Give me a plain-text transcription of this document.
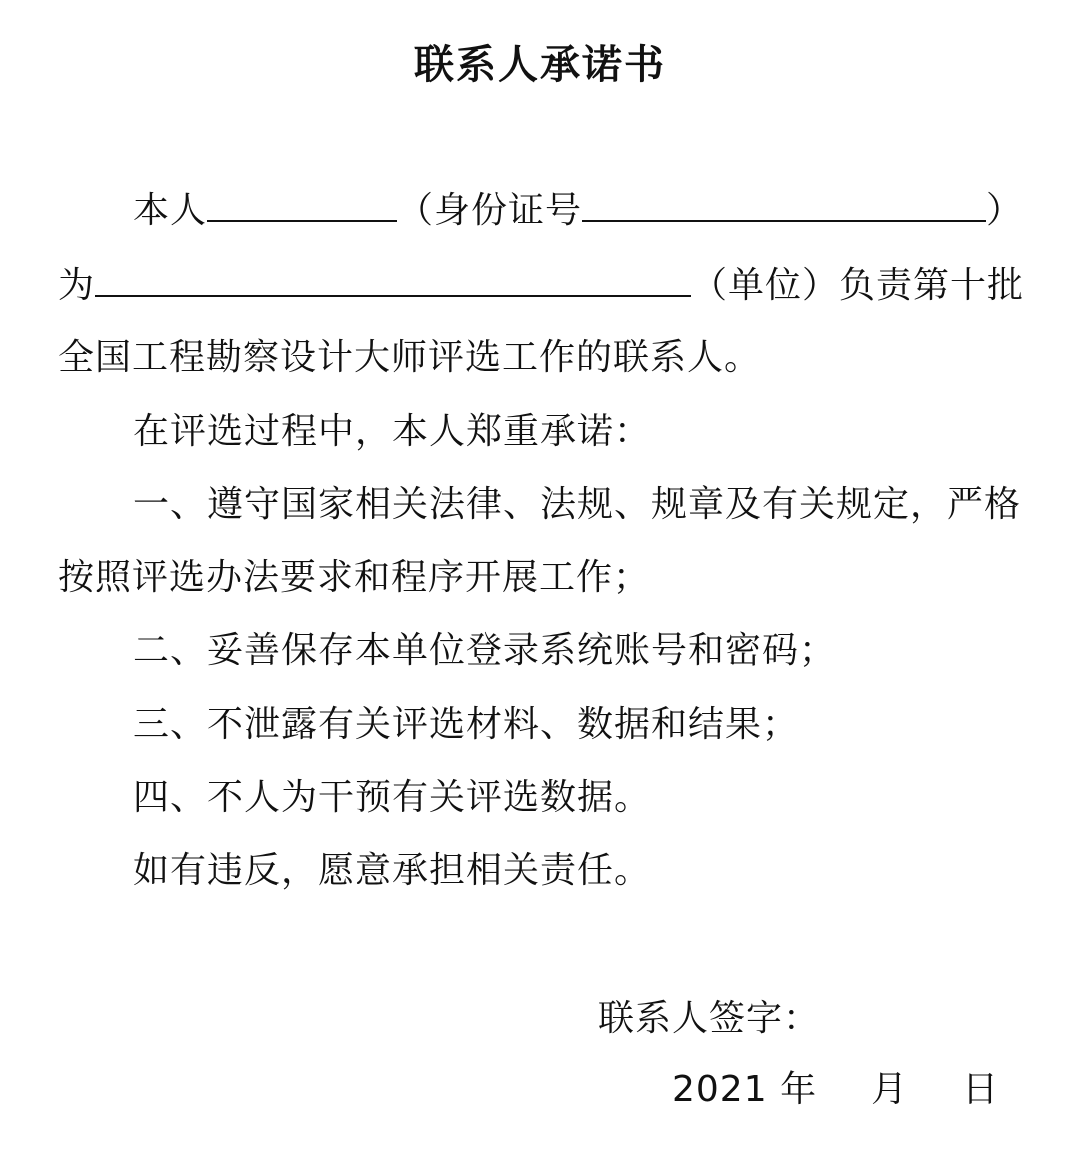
联系人承诺书
本人	（身份证号	）
为	（单位）负责第十批
全国工程勘察设计大师评选工作的联系人。
在评选过程中，本人郑重承诺：
一、遵守国家相关法律、法规、规章及有关规定，严格
按照评选办法要求和程序开展工作；
二、妥善保存本单位登录系统账号和密码；
三、不泄露有关评选材料、数据和结果；
四、不人为干预有关评选数据。
如有违反，愿意承担相关责任。
联系人签字：
2021 年 月 日
